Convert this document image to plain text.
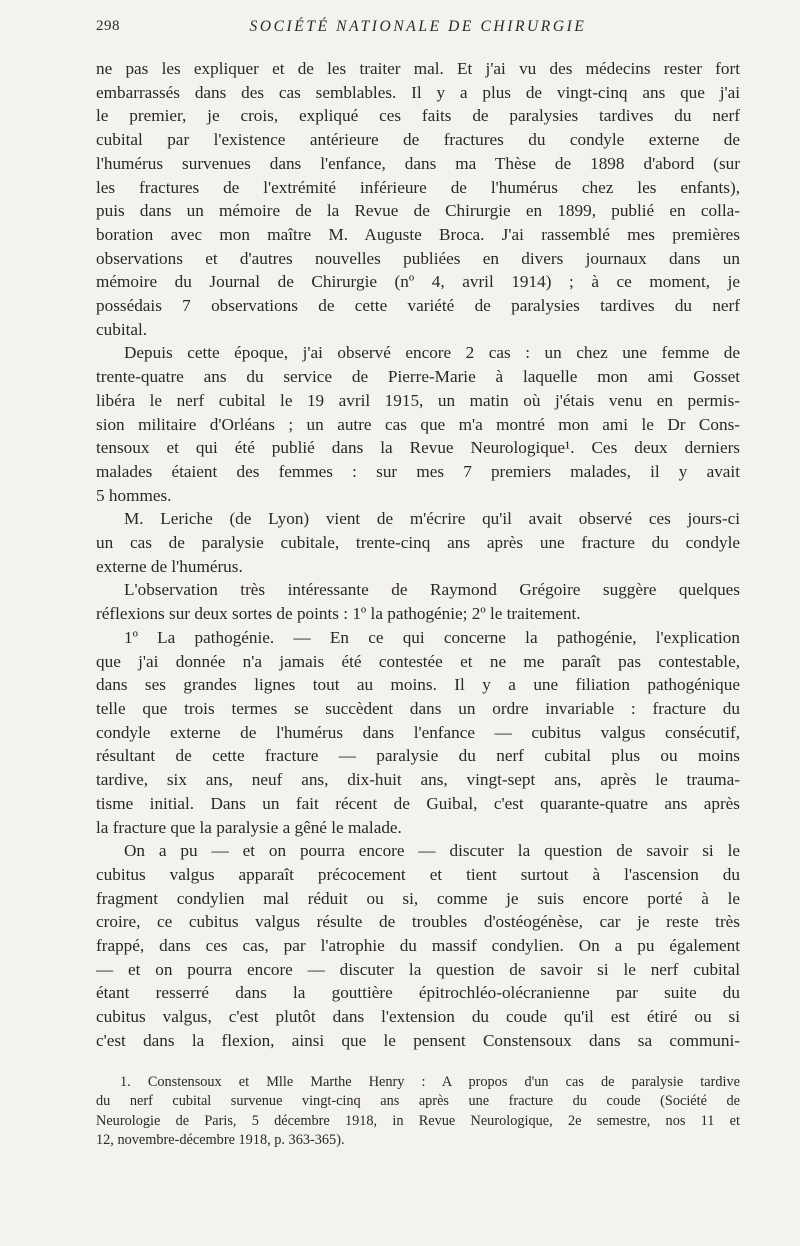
298	SOCIÉTÉ NATIONALE DE CHIRURGIE

ne pas les expliquer et de les traiter mal. Et j'ai vu des médecins rester fort

embarrassés dans des cas semblables. Il y a plus de vingt-cinq ans que j'ai

le premier, je crois, expliqué ces faits de paralysies tardives du nerf

cubital par l'existence antérieure de fractures du condyle externe de

l'humérus survenues dans l'enfance, dans ma Thèse de 1898 d'abord (sur

les fractures de l'extrémité inférieure de l'humérus chez les enfants),

puis dans un mémoire de la Revue de Chirurgie en 1899, publié en colla-

boration avec mon maître M. Auguste Broca. J'ai rassemblé mes premières

observations et d'autres nouvelles publiées en divers journaux dans un

mémoire du Journal de Chirurgie (nº 4, avril 1914) ; à ce moment, je

possédais 7 observations de cette variété de paralysies tardives du nerf

cubital.

Depuis cette époque, j'ai observé encore 2 cas : un chez une femme de

trente-quatre ans du service de Pierre-Marie à laquelle mon ami Gosset

libéra le nerf cubital le 19 avril 1915, un matin où j'étais venu en permis-

sion militaire d'Orléans ; un autre cas que m'a montré mon ami le Dr Cons-

tensoux et qui été publié dans la Revue Neurologique¹. Ces deux derniers

malades étaient des femmes : sur mes 7 premiers malades, il y avait

5 hommes.

M. Leriche (de Lyon) vient de m'écrire qu'il avait observé ces jours-ci

un cas de paralysie cubitale, trente-cinq ans après une fracture du condyle

externe de l'humérus.

L'observation très intéressante de Raymond Grégoire suggère quelques

réflexions sur deux sortes de points : 1º la pathogénie; 2º le traitement.

1º La pathogénie. — En ce qui concerne la pathogénie, l'explication

que j'ai donnée n'a jamais été contestée et ne me paraît pas contestable,

dans ses grandes lignes tout au moins. Il y a une filiation pathogénique

telle que trois termes se succèdent dans un ordre invariable : fracture du

condyle externe de l'humérus dans l'enfance — cubitus valgus consécutif,

résultant de cette fracture — paralysie du nerf cubital plus ou moins

tardive, six ans, neuf ans, dix-huit ans, vingt-sept ans, après le trauma-

tisme initial. Dans un fait récent de Guibal, c'est quarante-quatre ans après

la fracture que la paralysie a gêné le malade.

On a pu — et on pourra encore — discuter la question de savoir si le

cubitus valgus apparaît précocement et tient surtout à l'ascension du

fragment condylien mal réduit ou si, comme je suis encore porté à le

croire, ce cubitus valgus résulte de troubles d'ostéogénèse, car je reste très

frappé, dans ces cas, par l'atrophie du massif condylien. On a pu également

— et on pourra encore — discuter la question de savoir si le nerf cubital

étant resserré dans la gouttière épitrochléo-olécranienne par suite du

cubitus valgus, c'est plutôt dans l'extension du coude qu'il est étiré ou si

c'est dans la flexion, ainsi que le pensent Constensoux dans sa communi-

1. Constensoux et Mlle Marthe Henry : A propos d'un cas de paralysie tardive

du nerf cubital survenue vingt-cinq ans après une fracture du coude (Société de

Neurologie de Paris, 5 décembre 1918, in Revue Neurologique, 2e semestre, nos 11 et

12, novembre-décembre 1918, p. 363-365).
